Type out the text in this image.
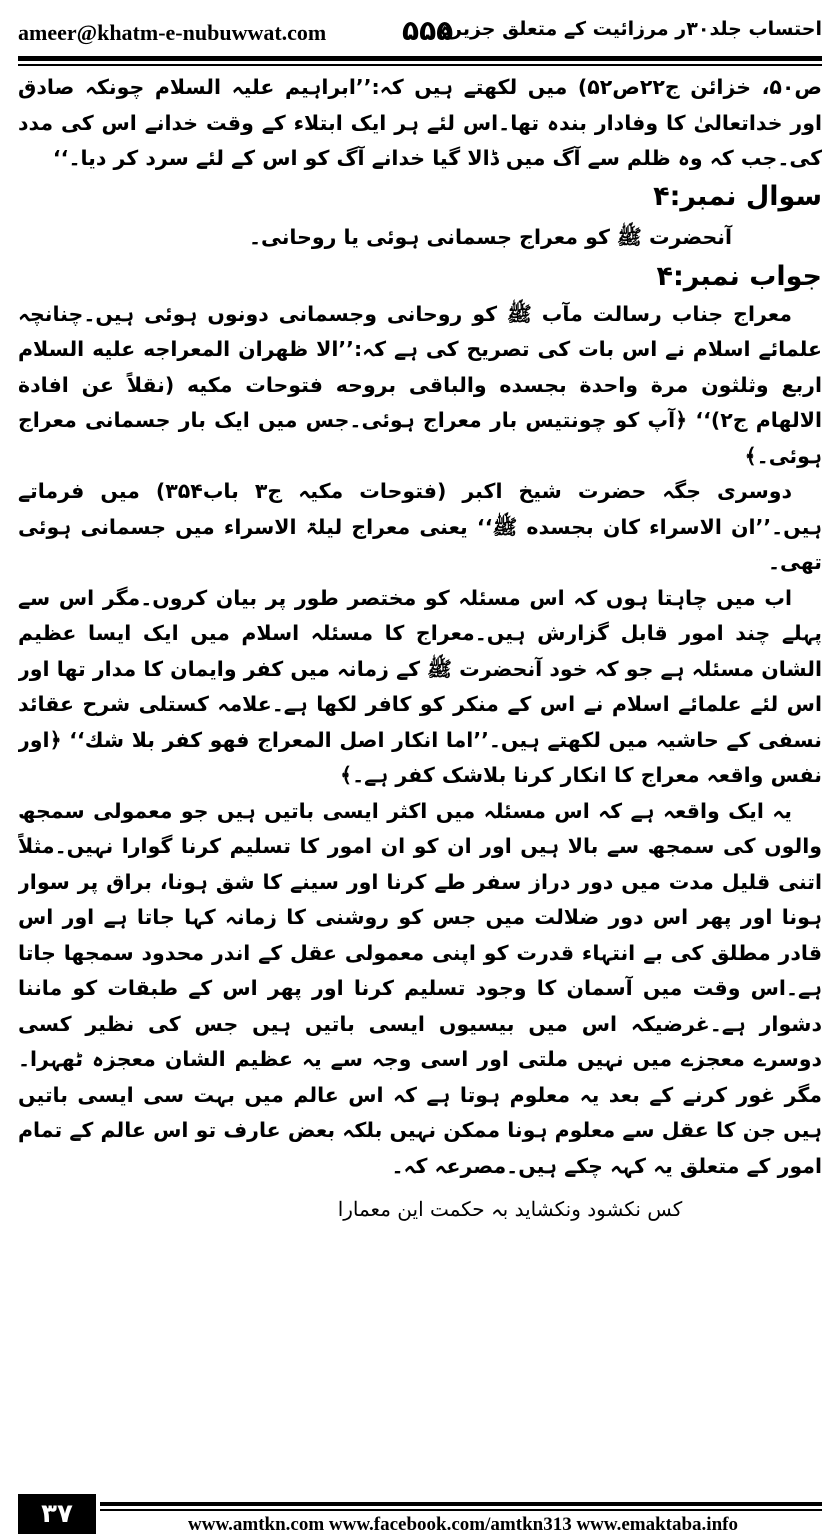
ameer@khatm-e-nubuwwat.com	۵۵۵
احتساب جلد۳۰ر مرزائیت کے متعلق جزیرہ

ص۵۰، خزائن ج۲۲ص۵۲) میں لکھتے ہیں کہ:’’ابراہیم علیہ السلام چونکہ صادق اور خداتعالیٰ کا وفادار بندہ تھا۔اس لئے ہر ایک ابتلاء کے وقت خدانے اس کی مدد کی۔جب کہ وہ ظلم سے آگ میں ڈالا گیا خدانے آگ کو اس کے لئے سرد کر دیا۔‘‘

سوال نمبر:۴

آنحضرت ﷺ کو معراج جسمانی ہوئی یا روحانی۔

جواب نمبر:۴

معراج جناب رسالت مآب ﷺ کو روحانی وجسمانی دونوں ہوئی ہیں۔چنانچہ علمائے اسلام نے اس بات کی تصریح کی ہے کہ:’’الا ظهران المعراجه عليه السلام اربع وثلثون مرة واحدة بجسده والباقى بروحه فتوحات مكيه (نقلاً عن افادة الالهام ج۲)‘‘ ﴿آپ کو چونتیس بار معراج ہوئی۔جس میں ایک بار جسمانی معراج ہوئی۔﴾

دوسری جگہ حضرت شیخ اکبر (فتوحات مکیہ ج۳ باب۳۵۴) میں فرماتے ہیں۔’’ان الاسراء كان بجسده ﷺ‘‘ یعنی معراج لیلۃ الاسراء میں جسمانی ہوئی تھی۔

اب میں چاہتا ہوں کہ اس مسئلہ کو مختصر طور پر بیان کروں۔مگر اس سے پہلے چند امور قابل گزارش ہیں۔معراج کا مسئلہ اسلام میں ایک ایسا عظیم الشان مسئلہ ہے جو کہ خود آنحضرت ﷺ کے زمانہ میں کفر وایمان کا مدار تھا اور اس لئے علمائے اسلام نے اس کے منکر کو کافر لکھا ہے۔علامہ کستلی شرح عقائد نسفی کے حاشیہ میں لکھتے ہیں۔’’اما انكار اصل المعراج فهو كفر بلا شك‘‘ ﴿اور نفس واقعہ معراج کا انکار کرنا بلاشک کفر ہے۔﴾

یہ ایک واقعہ ہے کہ اس مسئلہ میں اکثر ایسی باتیں ہیں جو معمولی سمجھ والوں کی سمجھ سے بالا ہیں اور ان کو ان امور کا تسلیم کرنا گوارا نہیں۔مثلاً اتنی قلیل مدت میں دور دراز سفر طے کرنا اور سینے کا شق ہونا، براق پر سوار ہونا اور پھر اس دور ضلالت میں جس کو روشنی کا زمانہ کہا جاتا ہے اور اس قادر مطلق کی بے انتہاء قدرت کو اپنی معمولی عقل کے اندر محدود سمجھا جاتا ہے۔اس وقت میں آسمان کا وجود تسلیم کرنا اور پھر اس کے طبقات کو ماننا دشوار ہے۔غرضیکہ اس میں بیسیوں ایسی باتیں ہیں جس کی نظیر کسی دوسرے معجزے میں نہیں ملتی اور اسی وجہ سے یہ عظیم الشان معجزہ ٹھہرا۔مگر غور کرنے کے بعد یہ معلوم ہوتا ہے کہ اس عالم میں بہت سی ایسی باتیں ہیں جن کا عقل سے معلوم ہونا ممکن نہیں بلکہ بعض عارف تو اس عالم کے تمام امور کے متعلق یہ کہہ چکے ہیں۔مصرعہ کہ۔

کس نکشود ونکشاید بہ حکمت این معمارا

۳۷	www.amtkn.com www.facebook.com/amtkn313 www.emaktaba.info
